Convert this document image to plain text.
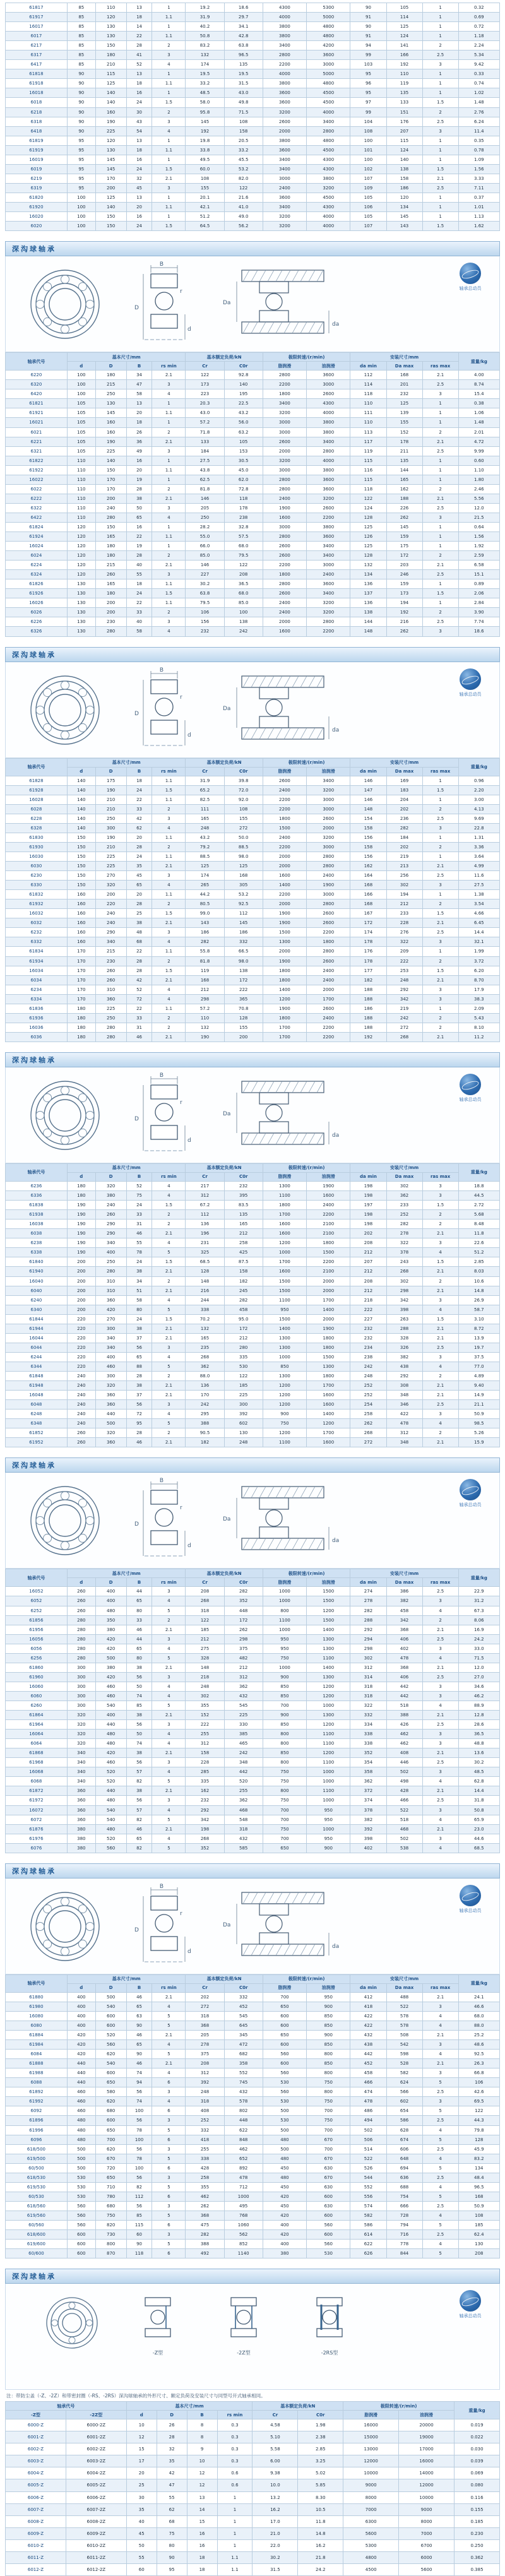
61817	85	110	13	1	19.2	18.6	4300	5300	90	105	1	0.32
61917	85	120	18	1.1	31.9	29.7	4000	5000	91	114	1	0.69
16017	85	130	14	1	40.2	34.1	3800	4800	90	125	1	0.72
6017	85	130	22	1.1	50.8	42.8	3800	4800	91	124	1	1.18
6217	85	150	28	2	83.2	63.8	3400	4200	94	141	2	2.24
6317	85	180	41	3	132	96.5	2800	3600	99	166	2.5	5.34
6417	85	210	52	4	174	135	2200	3000	103	192	3	9.42
61818	90	115	13	1	19.5	19.5	4000	5000	95	110	1	0.33
61918	90	125	18	1.1	33.2	31.5	3800	4800	96	119	1	0.74
16018	90	140	16	1	48.5	43.0	3600	4500	95	135	1	1.02
6018	90	140	24	1.5	58.0	49.8	3600	4500	97	133	1.5	1.48
6218	90	160	30	2	95.8	71.5	3200	4000	99	151	2	2.76
6318	90	190	43	3	145	108	2600	3400	104	176	2.5	6.24
6418	90	225	54	4	192	158	2000	2800	108	207	3	11.4
61819	95	120	13	1	19.8	20.5	3800	4800	100	115	1	0.35
61919	95	130	18	1.1	33.8	33.2	3600	4500	101	124	1	0.78
16019	95	145	16	1	49.5	45.5	3400	4300	100	140	1	1.09
6019	95	145	24	1.5	60.0	53.2	3400	4300	102	138	1.5	1.56
6219	95	170	32	2.1	108	82.0	3000	3800	107	158	2.1	3.33
6319	95	200	45	3	155	122	2400	3200	109	186	2.5	7.11
61820	100	125	13	1	20.1	21.6	3600	4500	105	120	1	0.37
61920	100	140	20	1.1	42.1	41.0	3400	4300	106	134	1	1.01
16020	100	150	16	1	51.2	49.0	3200	4000	105	145	1	1.13
6020	100	150	24	1.5	64.5	56.2	3200	4000	107	143	1.5	1.62
深沟球轴承
B
D
d
r
Da
da
轴承总动员
轴承代号	基本尺寸/mm				基本额定负荷/kN		极限转速/(r/min)		安装尺寸/mm			重量/kg
	d	D	B	rs min	Cr	C0r	脂润滑	油润滑	da min	Da max	ras max	
6220	100	180	34	2.1	122	92.8	2800	3600	112	168	2.1	4.00
6320	100	215	47	3	173	140	2200	3000	114	201	2.5	8.74
6420	100	250	58	4	223	195	1800	2600	118	232	3	15.4
61821	105	130	13	1	20.3	22.5	3400	4300	110	125	1	0.38
61921	105	145	20	1.1	43.0	43.2	3200	4000	111	139	1	1.06
16021	105	160	18	1	57.2	56.0	3000	3800	110	155	1	1.48
6021	105	160	26	2	71.8	63.2	3000	3800	113	152	2	2.01
6221	105	190	36	2.1	133	105	2600	3400	117	178	2.1	4.72
6321	105	225	49	3	184	153	2000	2800	119	211	2.5	9.99
61822	110	140	16	1	27.5	30.5	3200	4000	115	135	1	0.60
61922	110	150	20	1.1	43.8	45.0	3000	3800	116	144	1	1.10
16022	110	170	19	1	62.5	62.0	2800	3600	115	165	1	1.80
6022	110	170	28	2	81.8	72.8	2800	3600	118	162	2	2.46
6222	110	200	38	2.1	146	118	2400	3200	122	188	2.1	5.56
6322	110	240	50	3	205	178	1900	2600	124	226	2.5	12.0
6422	110	280	65	4	250	238	1600	2200	128	262	3	21.5
61824	120	150	16	1	28.2	32.8	3000	3800	125	145	1	0.64
61924	120	165	22	1.1	55.0	57.5	2800	3600	126	159	1	1.56
16024	120	180	19	1	66.0	68.0	2600	3400	125	175	1	1.92
6024	120	180	28	2	85.0	79.5	2600	3400	128	172	2	2.59
6224	120	215	40	2.1	146	122	2200	3000	132	203	2.1	6.58
6324	120	260	55	3	227	208	1800	2400	134	246	2.5	15.1
61826	130	165	18	1.1	30.2	36.5	2800	3600	136	159	1	0.89
61926	130	180	24	1.5	63.8	68.0	2600	3400	137	173	1.5	2.06
16026	130	200	22	1.1	79.5	85.0	2400	3200	136	194	1	2.84
6026	130	200	33	2	106	100	2400	3200	138	192	2	3.90
6226	130	230	40	3	156	138	2000	2800	144	216	2.5	7.74
6326	130	280	58	4	232	242	1600	2200	148	262	3	18.6
深沟球轴承
B
D
d
r
Da
da
轴承总动员
轴承代号	基本尺寸/mm				基本额定负荷/kN		极限转速/(r/min)		安装尺寸/mm			重量/kg
	d	D	B	rs min	Cr	C0r	脂润滑	油润滑	da min	Da max	ras max	
61828	140	175	18	1.1	31.9	39.8	2600	3400	146	169	1	0.96
61928	140	190	24	1.5	65.2	72.0	2400	3200	147	183	1.5	2.20
16028	140	210	22	1.1	82.5	92.0	2200	3000	146	204	1	3.00
6028	140	210	33	2	111	108	2200	3000	148	202	2	4.13
6228	140	250	42	3	165	155	1800	2600	154	236	2.5	9.69
6328	140	300	62	4	248	272	1500	2000	158	282	3	22.8
61830	150	190	20	1.1	43.2	50.0	2400	3200	156	184	1	1.31
61930	150	210	28	2	79.2	88.5	2200	3000	158	202	2	3.36
16030	150	225	24	1.1	88.5	98.0	2000	2800	156	219	1	3.64
6030	150	225	35	2.1	125	125	2000	2800	162	213	2.1	4.99
6230	150	270	45	3	174	168	1600	2400	164	256	2.5	11.6
6330	150	320	65	4	265	305	1400	1900	168	302	3	27.5
61832	160	200	20	1.1	44.2	53.2	2200	3000	166	194	1	1.38
61932	160	220	28	2	80.5	92.5	2000	2800	168	212	2	3.54
16032	160	240	25	1.5	99.0	112	1900	2600	167	233	1.5	4.66
6032	160	240	38	2.1	143	145	1900	2600	172	228	2.1	6.45
6232	160	290	48	3	186	186	1500	2200	174	276	2.5	14.4
6332	160	340	68	4	282	332	1300	1800	178	322	3	32.1
61834	170	215	22	1.1	55.8	66.5	2000	2800	176	209	1	1.99
61934	170	230	28	2	81.8	98.0	1900	2600	178	222	2	3.72
16034	170	260	28	1.5	119	138	1800	2400	177	253	1.5	6.20
6034	170	260	42	2.1	168	172	1800	2400	182	248	2.1	8.70
6234	170	310	52	4	212	222	1400	2000	188	292	3	17.9
6334	170	360	72	4	298	365	1200	1700	188	342	3	38.3
61836	180	225	22	1.1	57.2	70.8	1900	2600	186	219	1	2.09
61936	180	250	33	2	110	128	1800	2400	188	242	2	5.43
16036	180	280	31	2	132	155	1700	2200	188	272	2	8.10
6036	180	280	46	2.1	190	200	1700	2200	192	268	2.1	11.2
深沟球轴承
B
D
d
r
Da
da
轴承总动员
轴承代号	基本尺寸/mm				基本额定负荷/kN		极限转速/(r/min)		安装尺寸/mm			重量/kg
	d	D	B	rs min	Cr	C0r	脂润滑	油润滑	da min	Da max	ras max	
6236	180	320	52	4	217	232	1300	1900	198	302	3	18.8
6336	180	380	75	4	312	395	1100	1600	198	362	3	44.5
61838	190	240	24	1.5	67.2	83.5	1800	2400	197	233	1.5	2.72
61938	190	260	33	2	112	135	1700	2200	198	252	2	5.68
16038	190	290	31	2	136	165	1600	2100	198	282	2	8.48
6038	190	290	46	2.1	196	212	1600	2100	202	278	2.1	11.8
6238	190	340	55	4	231	258	1200	1800	208	322	3	22.6
6338	190	400	78	5	325	425	1000	1500	212	378	4	51.2
61840	200	250	24	1.5	68.5	87.5	1700	2200	207	243	1.5	2.85
61940	200	280	38	2.1	128	158	1600	2100	212	268	2.1	8.03
16040	200	310	34	2	148	182	1500	2000	208	302	2	10.6
6040	200	310	51	2.1	216	245	1500	2000	212	298	2.1	14.8
6240	200	360	58	4	244	282	1100	1700	218	342	3	26.9
6340	200	420	80	5	338	458	950	1400	222	398	4	58.7
61844	220	270	24	1.5	70.2	95.0	1500	2000	227	263	1.5	3.10
61944	220	300	38	2.1	132	172	1400	1900	232	288	2.1	8.72
16044	220	340	37	2.1	165	212	1300	1800	232	328	2.1	13.9
6044	220	340	56	3	235	280	1300	1800	234	326	2.5	19.7
6244	220	400	65	4	268	335	1000	1500	238	382	3	37.5
6344	220	460	88	5	362	530	850	1300	242	438	4	77.0
61848	240	300	28	2	88.0	122	1300	1800	248	292	2	4.89
61948	240	320	38	2.1	136	185	1200	1700	252	308	2.1	9.40
16048	240	360	37	2.1	170	225	1200	1600	252	348	2.1	14.9
6048	240	360	56	3	242	300	1200	1600	254	346	2.5	21.1
6248	240	440	72	4	295	392	900	1400	258	422	3	50.9
6348	240	500	95	5	388	602	750	1200	262	478	4	98.5
61852	260	320	28	2	90.5	130	1200	1700	268	312	2	5.26
61952	260	360	46	2.1	182	248	1100	1600	272	348	2.1	15.9
深沟球轴承
B
D
d
r
Da
da
轴承总动员
轴承代号	基本尺寸/mm				基本额定负荷/kN		极限转速/(r/min)		安装尺寸/mm			重量/kg
	d	D	B	rs min	Cr	C0r	脂润滑	油润滑	da min	Da max	ras max	
16052	260	400	44	3	208	282	1000	1500	274	386	2.5	22.9
6052	260	400	65	4	268	352	1000	1500	278	382	3	31.2
6252	260	480	80	5	318	448	800	1200	282	458	4	67.3
61856	280	350	33	2	122	172	1100	1500	288	342	2	8.06
61956	280	380	46	2.1	185	262	1000	1400	292	368	2.1	16.9
16056	280	420	44	3	212	298	950	1300	294	406	2.5	24.2
6056	280	420	65	4	275	375	950	1300	298	402	3	33.0
6256	280	500	80	5	328	482	750	1100	302	478	4	71.5
61860	300	380	38	2.1	148	212	1000	1400	312	368	2.1	12.0
61960	300	420	56	3	218	312	900	1300	314	406	2.5	27.0
16060	300	460	50	4	248	362	850	1200	318	442	3	34.6
6060	300	460	74	4	302	432	850	1200	318	442	3	46.2
6260	300	540	85	5	355	545	700	1000	322	518	4	88.9
61864	320	400	38	2.1	152	225	900	1300	332	388	2.1	12.8
61964	320	440	56	3	222	330	850	1200	334	426	2.5	28.6
16064	320	480	50	4	255	385	800	1100	338	462	3	36.5
6064	320	480	74	4	312	465	800	1100	338	462	3	48.8
61868	340	420	38	2.1	158	242	850	1200	352	408	2.1	13.6
61968	340	460	56	3	228	348	800	1100	354	446	2.5	30.2
16068	340	520	57	4	285	442	750	1000	358	502	3	48.5
6068	340	520	82	5	335	520	750	1000	362	498	4	62.8
61872	360	440	38	2.1	162	255	800	1100	372	428	2.1	14.4
61972	360	480	56	3	232	362	750	1000	374	466	2.5	31.8
16072	360	540	57	4	292	468	700	950	378	522	3	50.8
6072	360	540	82	5	342	548	700	950	382	518	4	65.9
61876	380	480	46	2.1	198	318	750	1000	392	468	2.1	23.0
61976	380	520	65	4	268	432	700	950	398	502	3	44.6
6076	380	560	82	5	352	585	650	900	402	538	4	68.5
深沟球轴承
B
D
d
r
Da
da
轴承总动员
轴承代号	基本尺寸/mm				基本额定负荷/kN		极限转速/(r/min)		安装尺寸/mm			重量/kg
	d	D	B	rs min	Cr	C0r	脂润滑	油润滑	da min	Da max	ras max	
61880	400	500	46	2.1	202	332	700	950	412	488	2.1	24.1
61980	400	540	65	4	272	452	650	900	418	522	3	46.6
16080	400	600	63	5	318	545	600	850	422	578	4	68.0
6080	400	600	90	5	368	645	600	850	422	578	4	88.0
61884	420	520	46	2.1	205	345	650	900	432	508	2.1	25.2
61984	420	560	65	4	278	472	600	850	438	542	3	48.6
6084	420	620	90	5	375	682	560	800	442	598	4	92.5
61888	440	540	46	2.1	208	358	600	850	452	528	2.1	26.3
61988	440	600	74	4	312	552	560	800	458	582	3	66.8
6088	440	650	94	6	392	745	530	750	466	624	5	106
61892	460	580	56	3	248	432	560	800	474	566	2.5	42.6
61992	460	620	74	4	318	578	530	750	478	602	3	69.5
6092	460	680	100	6	408	802	500	700	486	654	5	122
61896	480	600	56	3	252	448	530	750	494	586	2.5	44.3
61996	480	650	78	5	332	622	500	700	502	628	4	79.8
6096	480	700	100	6	418	848	480	670	506	674	5	128
618/500	500	620	56	3	255	462	500	700	514	606	2.5	45.9
619/500	500	670	78	5	338	652	480	670	522	648	4	83.2
60/500	500	720	100	6	428	892	450	630	526	694	5	134
618/530	530	650	56	3	258	478	480	670	544	636	2.5	48.4
619/530	530	710	82	5	355	712	450	630	552	688	4	96.5
60/530	530	780	112	6	462	1000	420	600	556	754	5	168
618/560	560	680	56	3	262	495	450	630	574	666	2.5	50.9
619/560	560	750	85	5	368	768	420	600	582	728	4	108
60/560	560	820	115	6	475	1060	400	560	586	794	5	185
618/600	600	730	60	3	282	562	420	600	614	716	2.5	62.4
619/600	600	800	90	5	388	852	400	560	622	778	4	130
60/600	600	870	118	6	492	1140	380	530	626	844	5	208
深沟球轴承
-Z型	-2Z型	-2RS型
轴承总动员
注：带防尘盖（-Z、-2Z）和带密封圈（-RS、-2RS）深沟球轴承的外形尺寸、额定负荷及安装尺寸与同型号开式轴承相同。
轴承代号		基本尺寸/mm				基本额定负荷/kN		极限转速/(r/min)		重量/kg
-Z型	-2Z型	d	D	B	rs min	Cr	C0r	脂润滑	油润滑	
6000-Z	6000-2Z	10	26	8	0.3	4.58	1.98	16000	20000	0.019
6001-Z	6001-2Z	12	28	8	0.3	5.10	2.38	15000	19000	0.022
6002-Z	6002-2Z	15	32	9	0.3	5.58	2.85	13000	17000	0.030
6003-Z	6003-2Z	17	35	10	0.3	6.00	3.25	12000	16000	0.039
6004-Z	6004-2Z	20	42	12	0.6	9.38	5.02	10000	14000	0.069
6005-Z	6005-2Z	25	47	12	0.6	10.0	5.85	9000	12000	0.080
6006-Z	6006-2Z	30	55	13	1	13.2	8.30	8000	10000	0.116
6007-Z	6007-2Z	35	62	14	1	16.2	10.5	7000	9000	0.155
6008-Z	6008-2Z	40	68	15	1	17.0	11.8	6300	8000	0.185
6009-Z	6009-2Z	45	75	16	1	21.0	14.8	5600	7000	0.230
6010-Z	6010-2Z	50	80	16	1	22.0	16.2	5300	6700	0.250
6011-Z	6011-2Z	55	90	18	1.1	30.2	21.8	4800	6000	0.362
6012-Z	6012-2Z	60	95	18	1.1	31.5	24.2	4500	5600	0.385
